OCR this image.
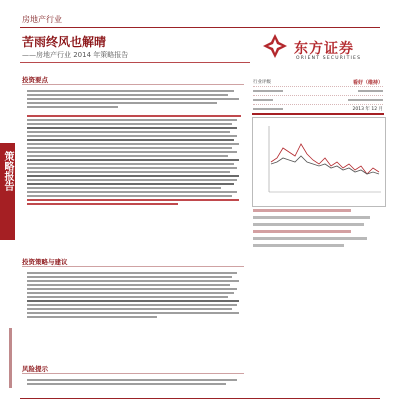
房地产行业
苦雨终风也解晴
——房地产行业 2014 年策略报告	东方证券
ORIENT SECURITIES
策略报告
投资要点
投资策略与建议
风险提示
行业评级	看好（维持）
2013 年 12 月
